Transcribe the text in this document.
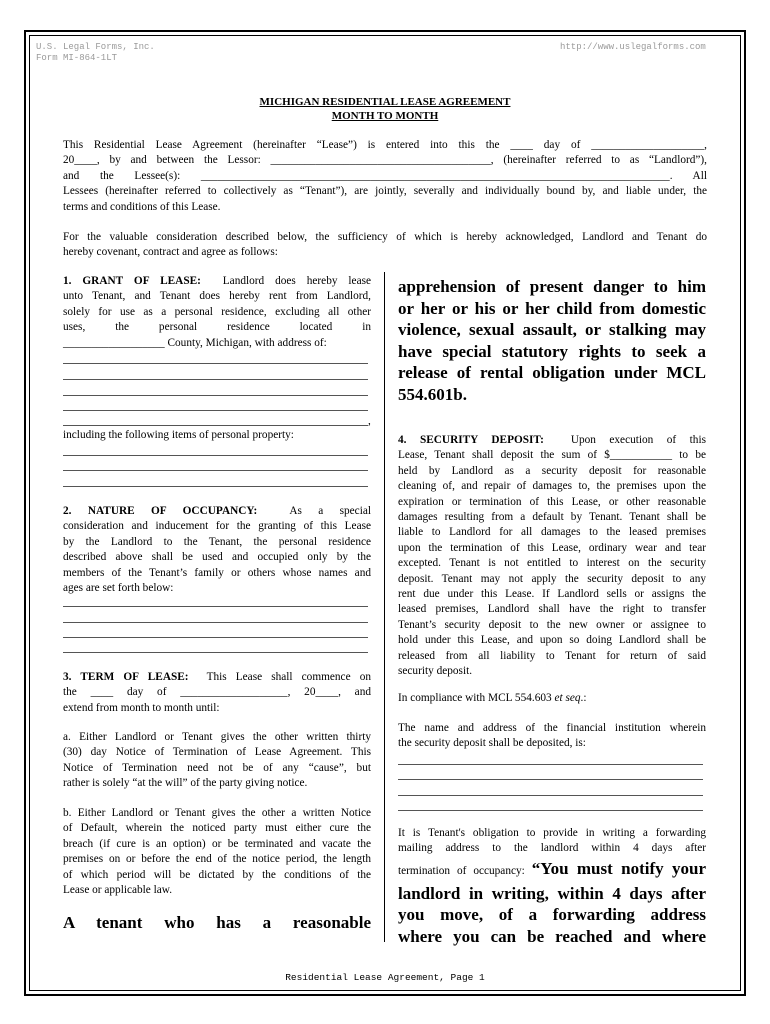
U.S. Legal Forms, Inc.
Form MI-864-1LT
http://www.uslegalforms.com
MICHIGAN RESIDENTIAL LEASE AGREEMENT
MONTH TO MONTH
This Residential Lease Agreement (hereinafter “Lease”) is entered into this the ____ day of ____________________,
20____, by and between the Lessor: _______________________________________, (hereinafter referred to as “Landlord”),
and the Lessee(s): ___________________________________________________________________________________. All
Lessees (hereinafter referred to collectively as “Tenant”), are jointly, severally and individually bound by, and liable under, the
terms and conditions of this Lease.
For the valuable consideration described below, the sufficiency of which is hereby acknowledged, Landlord and Tenant do
hereby covenant, contract and agree as follows:
1. GRANT OF LEASE: Landlord does hereby lease
unto Tenant, and Tenant does hereby rent from Landlord,
solely for use as a personal residence, excluding all other
uses, the personal residence located in
__________________ County, Michigan, with address of:
,
including the following items of personal property:
2. NATURE OF OCCUPANCY:	As a special
consideration and inducement for the granting of this Lease
by the Landlord to the Tenant, the personal residence
described above shall be used and occupied only by the
members of the Tenant’s family or others whose names and
ages are set forth below:
3. TERM OF LEASE: This Lease shall commence on
the ____ day of ___________________, 20____, and
extend from month to month until:
a. Either Landlord or Tenant gives the other written thirty
(30) day Notice of Termination of Lease Agreement. This
Notice of Termination need not be of any “cause”, but
rather is solely “at the will” of the party giving notice.
b. Either Landlord or Tenant gives the other a written Notice
of Default, wherein the noticed party must either cure the
breach (if cure is an option) or be terminated and vacate the
premises on or before the end of the notice period, the length
of which period will be dictated by the conditions of the
Lease or applicable law.
A tenant who has a reasonable
apprehension of present danger to him
or her or his or her child from domestic
violence, sexual assault, or stalking may
have special statutory rights to seek a
release of rental obligation under MCL
554.601b.
4. SECURITY DEPOSIT: Upon execution of this
Lease, Tenant shall deposit the sum of $___________ to be
held by Landlord as a security deposit for reasonable
cleaning of, and repair of damages to, the premises upon the
expiration or termination of this Lease, or other reasonable
damages resulting from a default by Tenant. Tenant shall be
liable to Landlord for all damages to the leased premises
upon the termination of this Lease, ordinary wear and tear
excepted. Tenant is not entitled to interest on the security
deposit. Tenant may not apply the security deposit to any
rent due under this Lease. If Landlord sells or assigns the
leased premises, Landlord shall have the right to transfer
Tenant’s security deposit to the new owner or assignee to
hold under this Lease, and upon so doing Landlord shall be
released from all liability to Tenant for return of said
security deposit.
In compliance with MCL 554.603 et seq.:
The name and address of the financial institution wherein
the security deposit shall be deposited, is:
It is Tenant's obligation to provide in writing a forwarding
mailing address to the landlord within 4 days after
termination of occupancy: “You must notify your
landlord in writing, within 4 days after
you move, of a forwarding address
where you can be reached and where
Residential Lease Agreement, Page 1
